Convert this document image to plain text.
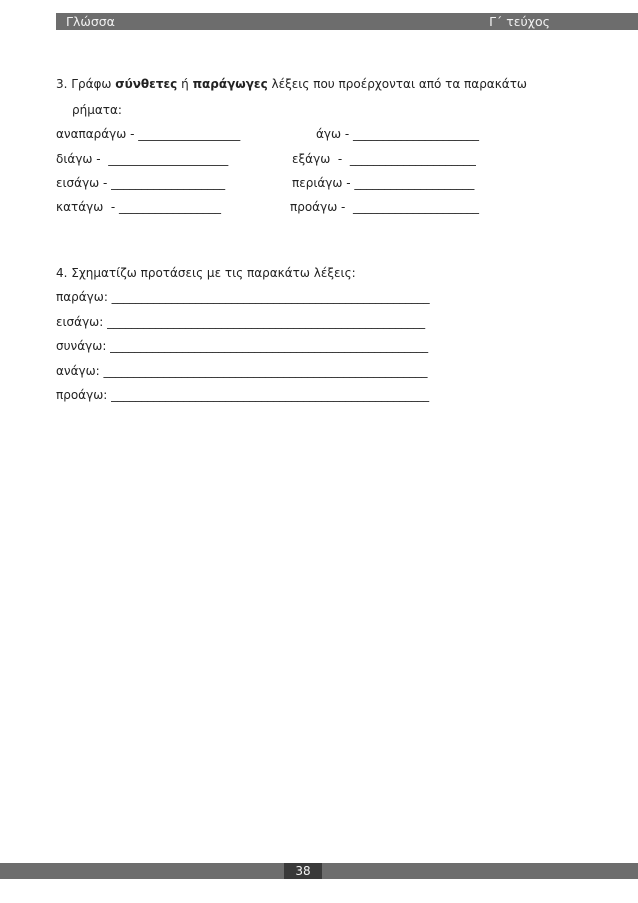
Γλώσσα	Γ΄ τεύχος
3. Γράφω σύνθετες ή παράγωγες λέξεις που προέρχονται από τα παρακάτω
ρήματα:
αναπαράγω - _________________	άγω - _____________________
διάγω -  ____________________	εξάγω  -  _____________________
εισάγω - ___________________	περιάγω - ____________________
κατάγω  - _________________	προάγω -  _____________________
4. Σχηματίζω προτάσεις με τις παρακάτω λέξεις:
παράγω: _____________________________________________________
εισάγω: _____________________________________________________
συνάγω: _____________________________________________________
ανάγω: ______________________________________________________
προάγω: _____________________________________________________
38
